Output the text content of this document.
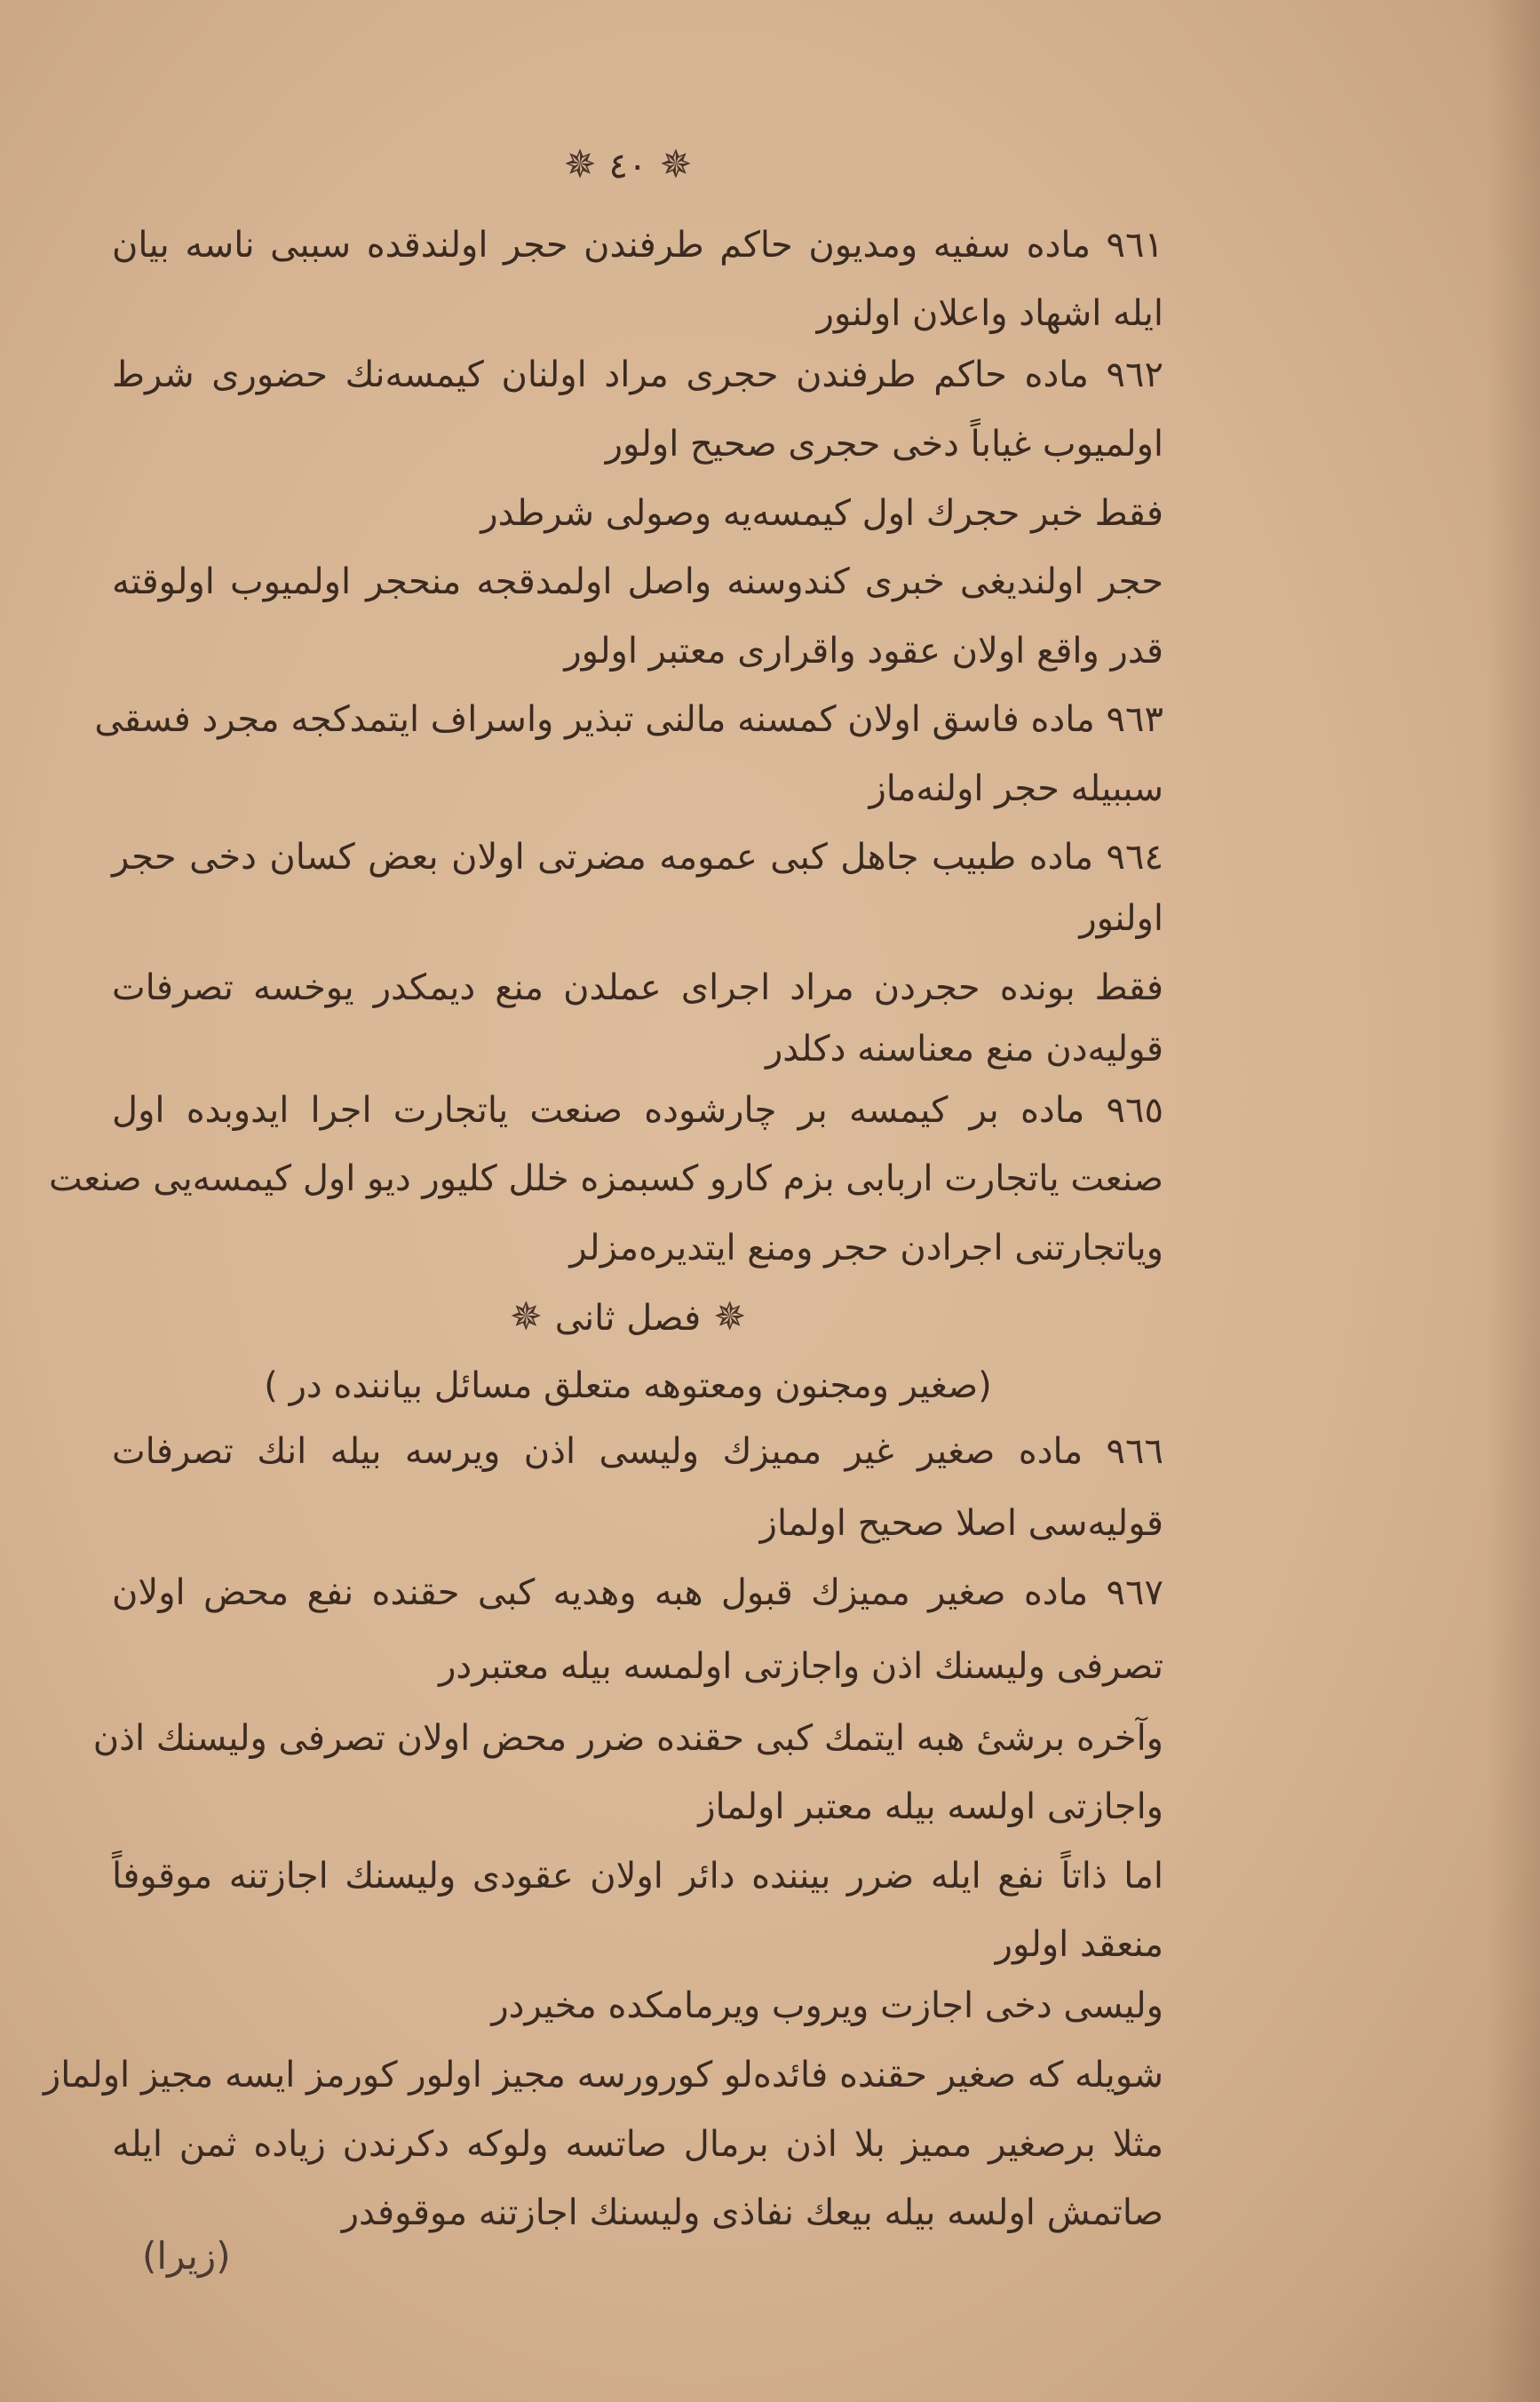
✵٤٠✵
٩٦١ ماده سفیه ومدیون حاكم طرفندن حجر اولندقده سببی ناسه بیان
ایله اشهاد واعلان اولنور
٩٦٢ ماده حاكم طرفندن حجری مراد اولنان كیمسه‌نك حضوری شرط
اولمیوب غیاباً دخی حجری صحیح اولور
فقط خبر حجرك اول كیمسه‌یه وصولی شرطدر
حجر اولندیغی خبری كندوسنه واصل اولمدقجه منحجر اولمیوب اولوقته
قدر واقع اولان عقود واقراری معتبر اولور
٩٦٣ ماده فاسق اولان كمسنه مالنی تبذیر واسراف ایتمدكجه مجرد فسقی
سببیله حجر اولنه‌ماز
٩٦٤ ماده طبیب جاهل كبی عمومه مضرتی اولان بعض كسان دخی حجر
اولنور
فقط بونده حجردن مراد اجرای عملدن منع دیمكدر یوخسه تصرفات
قولیه‌دن منع معناسنه دكلدر
٩٦٥ ماده بر كیمسه بر چارشوده صنعت یاتجارت اجرا ایدوبده اول
صنعت یاتجارت اربابی بزم كارو كسبمزه خلل كلیور دیو اول كیمسه‌یی صنعت
ویاتجارتنی اجرادن حجر ومنع ایتدیره‌مزلر
✵فصل ثانی✵
(صغیر ومجنون ومعتوهه متعلق مسائل بیاننده در )
٩٦٦ ماده صغیر غیر ممیزك ولیسی اذن ویرسه بیله انك تصرفات
قولیه‌سی اصلا صحیح اولماز
٩٦٧ ماده صغیر ممیزك قبول هبه وهدیه كبی حقنده نفع محض اولان
تصرفی ولیسنك اذن واجازتی اولمسه بیله معتبردر
وآخره برشیٔ هبه ایتمك كبی حقنده ضرر محض اولان تصرفی ولیسنك اذن
واجازتی اولسه بیله معتبر اولماز
اما ذاتاً نفع ایله ضرر بیننده دائر اولان عقودی ولیسنك اجازتنه موقوفاً
منعقد اولور
ولیسی دخی اجازت ویروب ویرمامكده مخیردر
شویله كه صغیر حقنده فائده‌لو كورورسه مجیز اولور كورمز ایسه مجیز اولماز
مثلا برصغیر ممیز بلا اذن برمال صاتسه ولوكه دكرندن زیاده ثمن ایله
صاتمش اولسه بیله بیعك نفاذی ولیسنك اجازتنه موقوفدر
(زیرا)
